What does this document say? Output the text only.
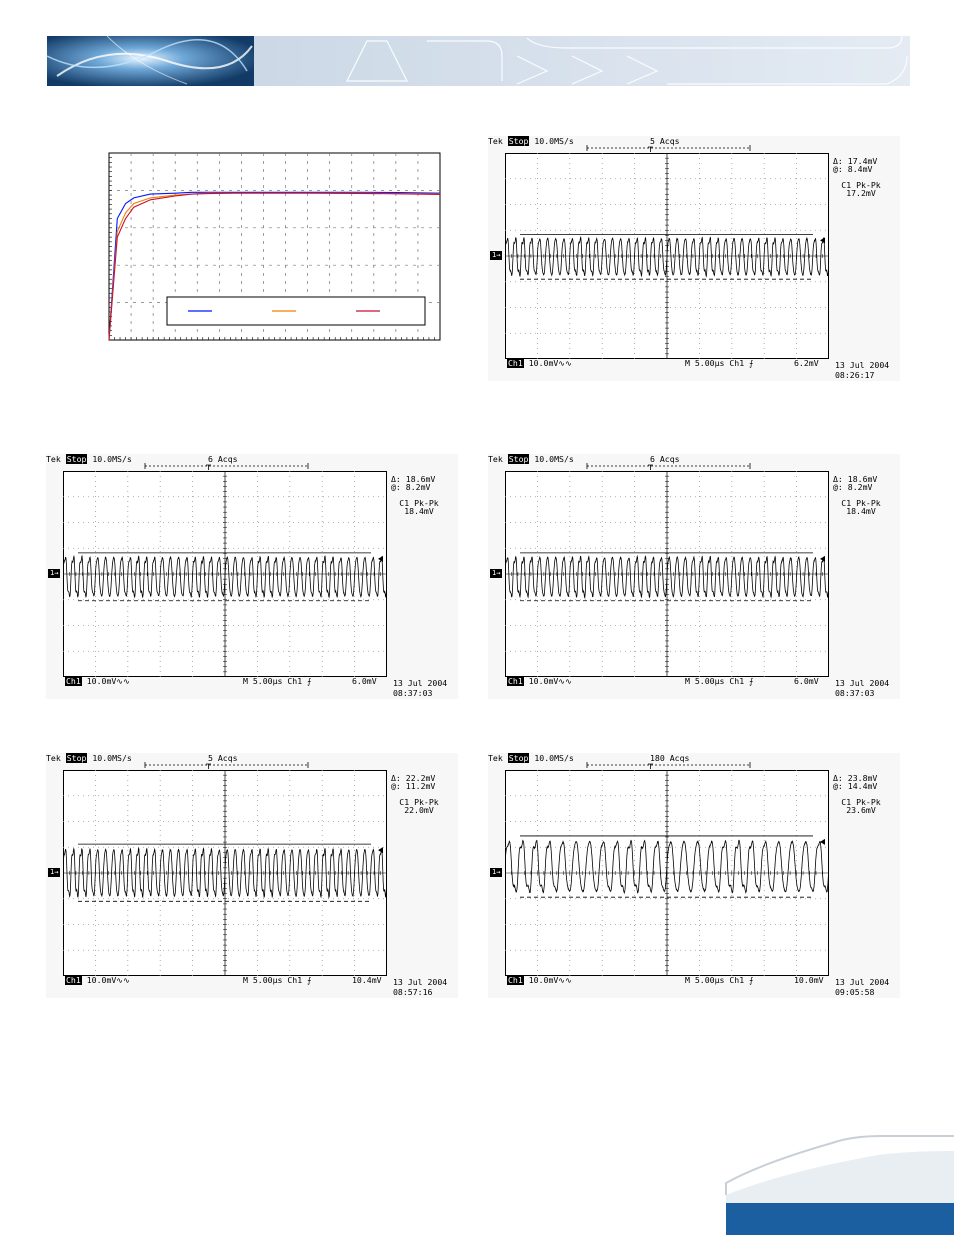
Tek Stop 10.0MS/s	5 Acqs
1→
Δ: 17.4mV
@: 8.4mV
C1 Pk-Pk
17.2mV
Ch1 10.0mV∿∿	M 5.00µs Ch1 ⨍	6.2mV 13 Jul 2004
08:26:17
Tek Stop 10.0MS/s	6 Acqs
1→
Δ: 18.6mV
@: 8.2mV
C1 Pk-Pk
18.4mV
Ch1 10.0mV∿∿	M 5.00µs Ch1 ⨍	6.0mV 13 Jul 2004
08:37:03
Tek Stop 10.0MS/s	6 Acqs
1→
Δ: 18.6mV
@: 8.2mV
C1 Pk-Pk
18.4mV
Ch1 10.0mV∿∿	M 5.00µs Ch1 ⨍	6.0mV 13 Jul 2004
08:37:03
Tek Stop 10.0MS/s	5 Acqs
1→
Δ: 22.2mV
@: 11.2mV
C1 Pk-Pk
22.0mV
Ch1 10.0mV∿∿	M 5.00µs Ch1 ⨍	10.4mV 13 Jul 2004
08:57:16
Tek Stop 10.0MS/s	180 Acqs
1→
Δ: 23.8mV
@: 14.4mV
C1 Pk-Pk
23.6mV
Ch1 10.0mV∿∿	M 5.00µs Ch1 ⨍	10.0mV 13 Jul 2004
09:05:58
